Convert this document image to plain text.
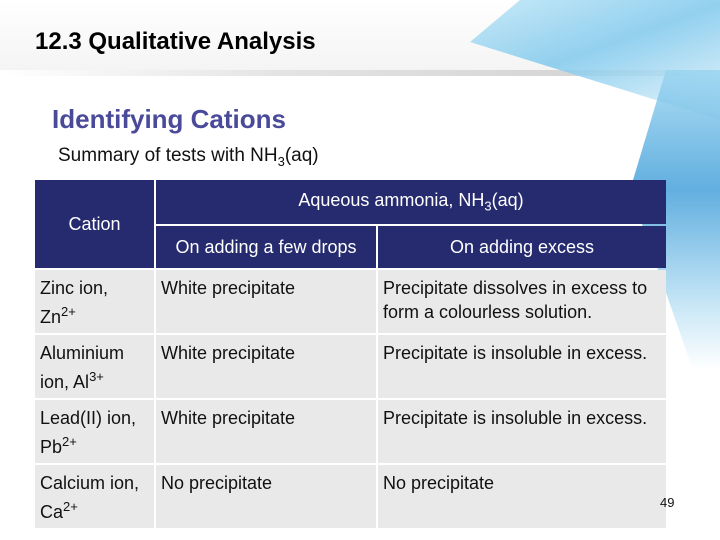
12.3 Qualitative Analysis
Identifying Cations
Summary of tests with $NH_3(aq)$
Cation	Aqueous ammonia, $NH_3(aq)$	
	On adding a few drops	On adding excess
Zinc ion,
$Zn^{2+}$	White precipitate	Precipitate dissolves in excess to form a colourless solution.
Aluminium ion, $Al^{3+}$	White precipitate	Precipitate is insoluble in excess.
Lead(II) ion,
$Pb^{2+}$	White precipitate	Precipitate is insoluble in excess.
Calcium ion, $Ca^{2+}$	No precipitate	No precipitate
49
